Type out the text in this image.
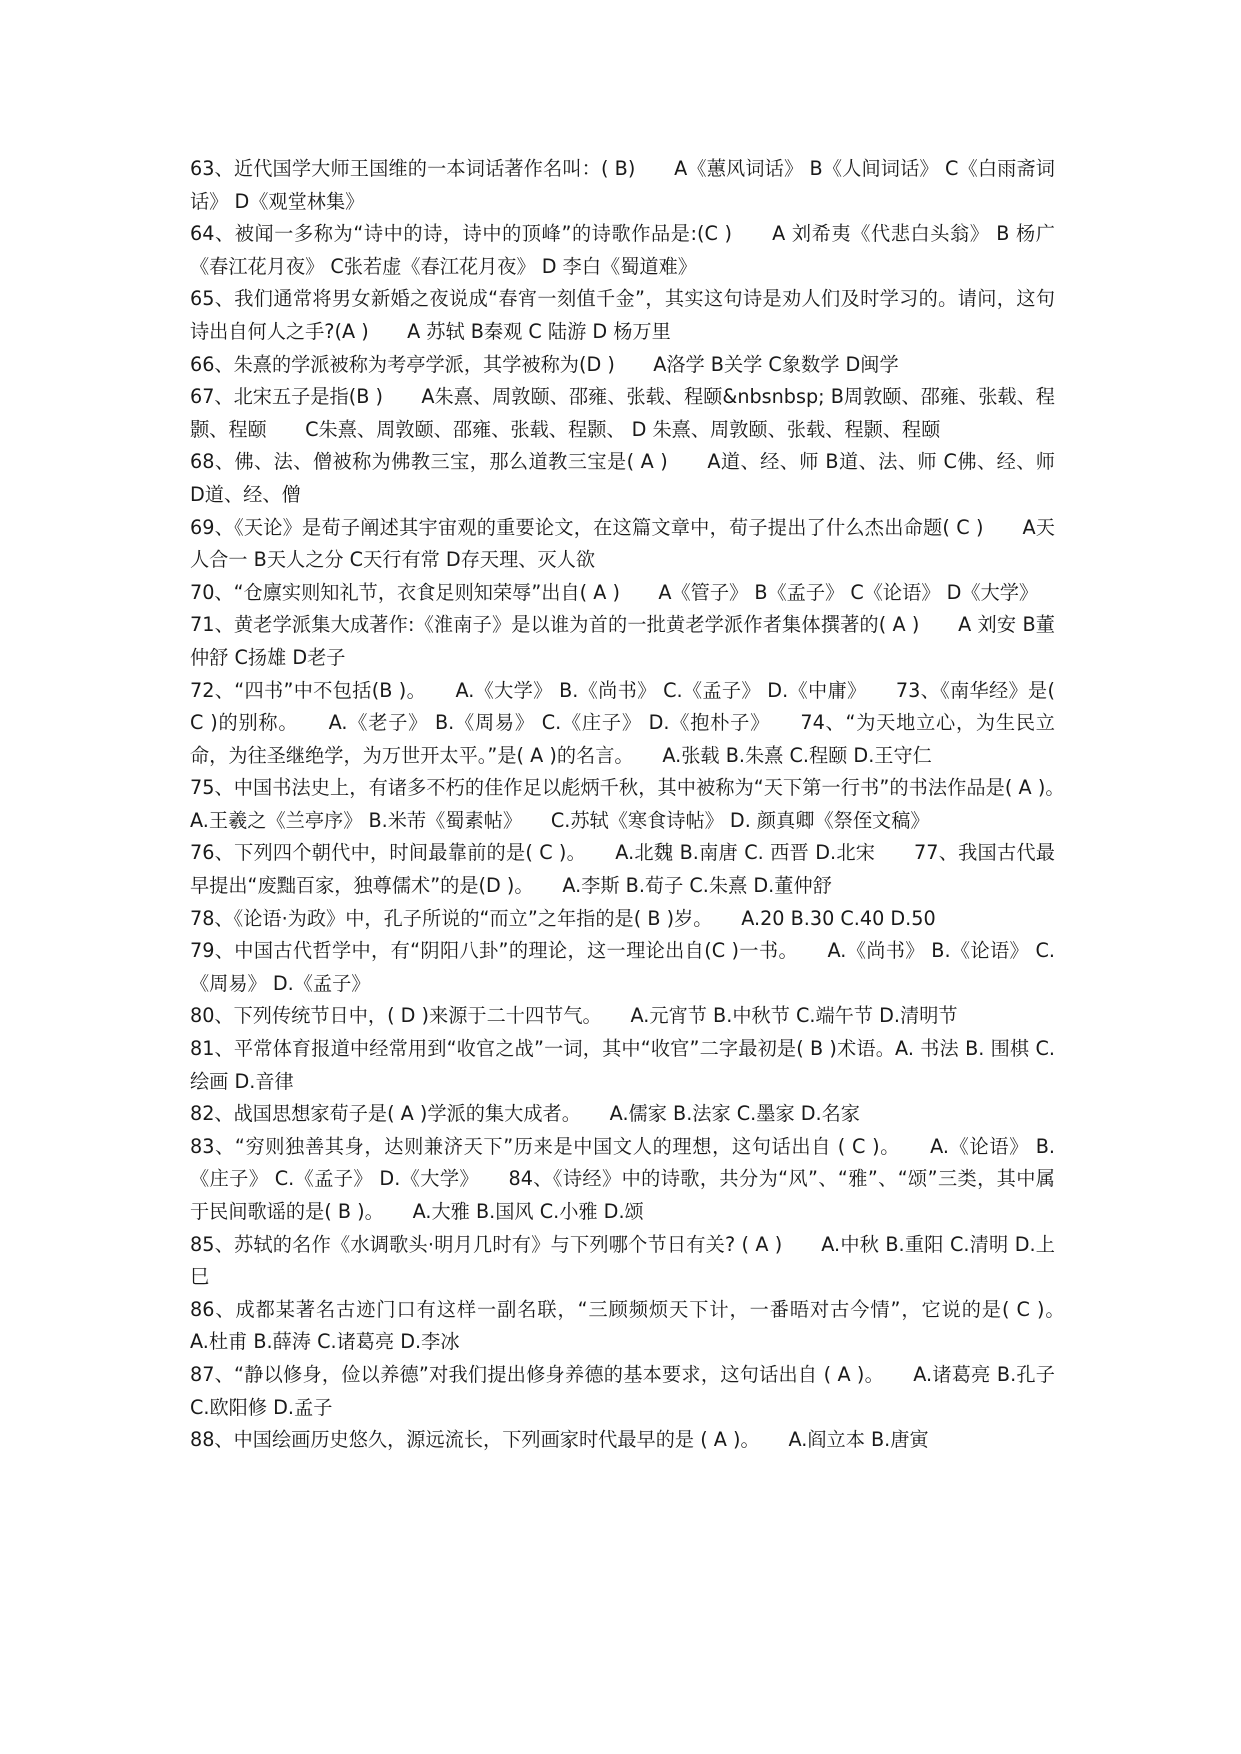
63、近代国学大师王国维的一本词话著作名叫：( B)　　A《蕙风词话》 B《人间词话》 C《白雨斋词话》 D《观堂林集》

64、被闻一多称为“诗中的诗，诗中的顶峰”的诗歌作品是:(C )　　A 刘希夷《代悲白头翁》 B 杨广《春江花月夜》 C张若虚《春江花月夜》 D 李白《蜀道难》

65、我们通常将男女新婚之夜说成“春宵一刻值千金”，其实这句诗是劝人们及时学习的。请问，这句诗出自何人之手?(A )　　A 苏轼 B秦观 C 陆游 D 杨万里

66、朱熹的学派被称为考亭学派，其学被称为(D )　　A洛学 B关学 C象数学 D闽学

67、北宋五子是指(B )　　A朱熹、周敦颐、邵雍、张载、程颐&nbsnbsp; B周敦颐、邵雍、张载、程颢、程颐　　C朱熹、周敦颐、邵雍、张载、程颢、 D 朱熹、周敦颐、张载、程颢、程颐

68、佛、法、僧被称为佛教三宝，那么道教三宝是( A )　　A道、经、师 B道、法、师 C佛、经、师 D道、经、僧

69、《天论》是荀子阐述其宇宙观的重要论文，在这篇文章中，荀子提出了什么杰出命题( C )　　A天人合一 B天人之分 C天行有常 D存天理、灭人欲

70、“仓廪实则知礼节，衣食足则知荣辱”出自( A )　　A《管子》 B《孟子》 C《论语》 D《大学》

71、黄老学派集大成著作:《淮南子》是以谁为首的一批黄老学派作者集体撰著的( A )　　A 刘安 B董仲舒 C扬雄 D老子

72、“四书”中不包括(B )。　　A.《大学》 B.《尚书》 C.《孟子》 D.《中庸》　　73、《南华经》是( C )的别称。　　A.《老子》 B.《周易》 C.《庄子》 D.《抱朴子》　　74、“为天地立心，为生民立命，为往圣继绝学，为万世开太平。”是( A )的名言。　　A.张载 B.朱熹 C.程颐 D.王守仁

75、中国书法史上，有诸多不朽的佳作足以彪炳千秋，其中被称为“天下第一行书”的书法作品是( A )。　　A.王羲之《兰亭序》 B.米芾《蜀素帖》　　C.苏轼《寒食诗帖》 D. 颜真卿《祭侄文稿》

76、下列四个朝代中，时间最靠前的是( C )。　　A.北魏 B.南唐 C. 西晋 D.北宋　　77、我国古代最早提出“废黜百家，独尊儒术”的是(D )。　　A.李斯 B.荀子 C.朱熹 D.董仲舒

78、《论语·为政》中，孔子所说的“而立”之年指的是( B )岁。　　A.20 B.30 C.40 D.50

79、中国古代哲学中，有“阴阳八卦”的理论，这一理论出自(C )一书。　　A.《尚书》 B.《论语》 C.《周易》 D.《孟子》

80、下列传统节日中，( D )来源于二十四节气。　　A.元宵节 B.中秋节 C.端午节 D.清明节

81、平常体育报道中经常用到“收官之战”一词，其中“收官”二字最初是( B )术语。A. 书法 B. 围棋 C.绘画 D.音律

82、战国思想家荀子是( A )学派的集大成者。　　A.儒家 B.法家 C.墨家 D.名家

83、“穷则独善其身，达则兼济天下”历来是中国文人的理想，这句话出自 ( C )。　　A.《论语》 B.《庄子》 C.《孟子》 D.《大学》　　84、《诗经》中的诗歌，共分为“风”、“雅”、“颂”三类，其中属于民间歌谣的是( B )。　　A.大雅 B.国风 C.小雅 D.颂

85、苏轼的名作《水调歌头·明月几时有》与下列哪个节日有关? ( A )　　A.中秋 B.重阳 C.清明 D.上巳

86、成都某著名古迹门口有这样一副名联，“三顾频烦天下计，一番晤对古今情”，它说的是( C )。　　A.杜甫 B.薛涛 C.诸葛亮 D.李冰

87、“静以修身，俭以养德”对我们提出修身养德的基本要求，这句话出自 ( A )。　　A.诸葛亮 B.孔子 C.欧阳修 D.孟子

88、中国绘画历史悠久，源远流长，下列画家时代最早的是 ( A )。　　A.阎立本 B.唐寅
